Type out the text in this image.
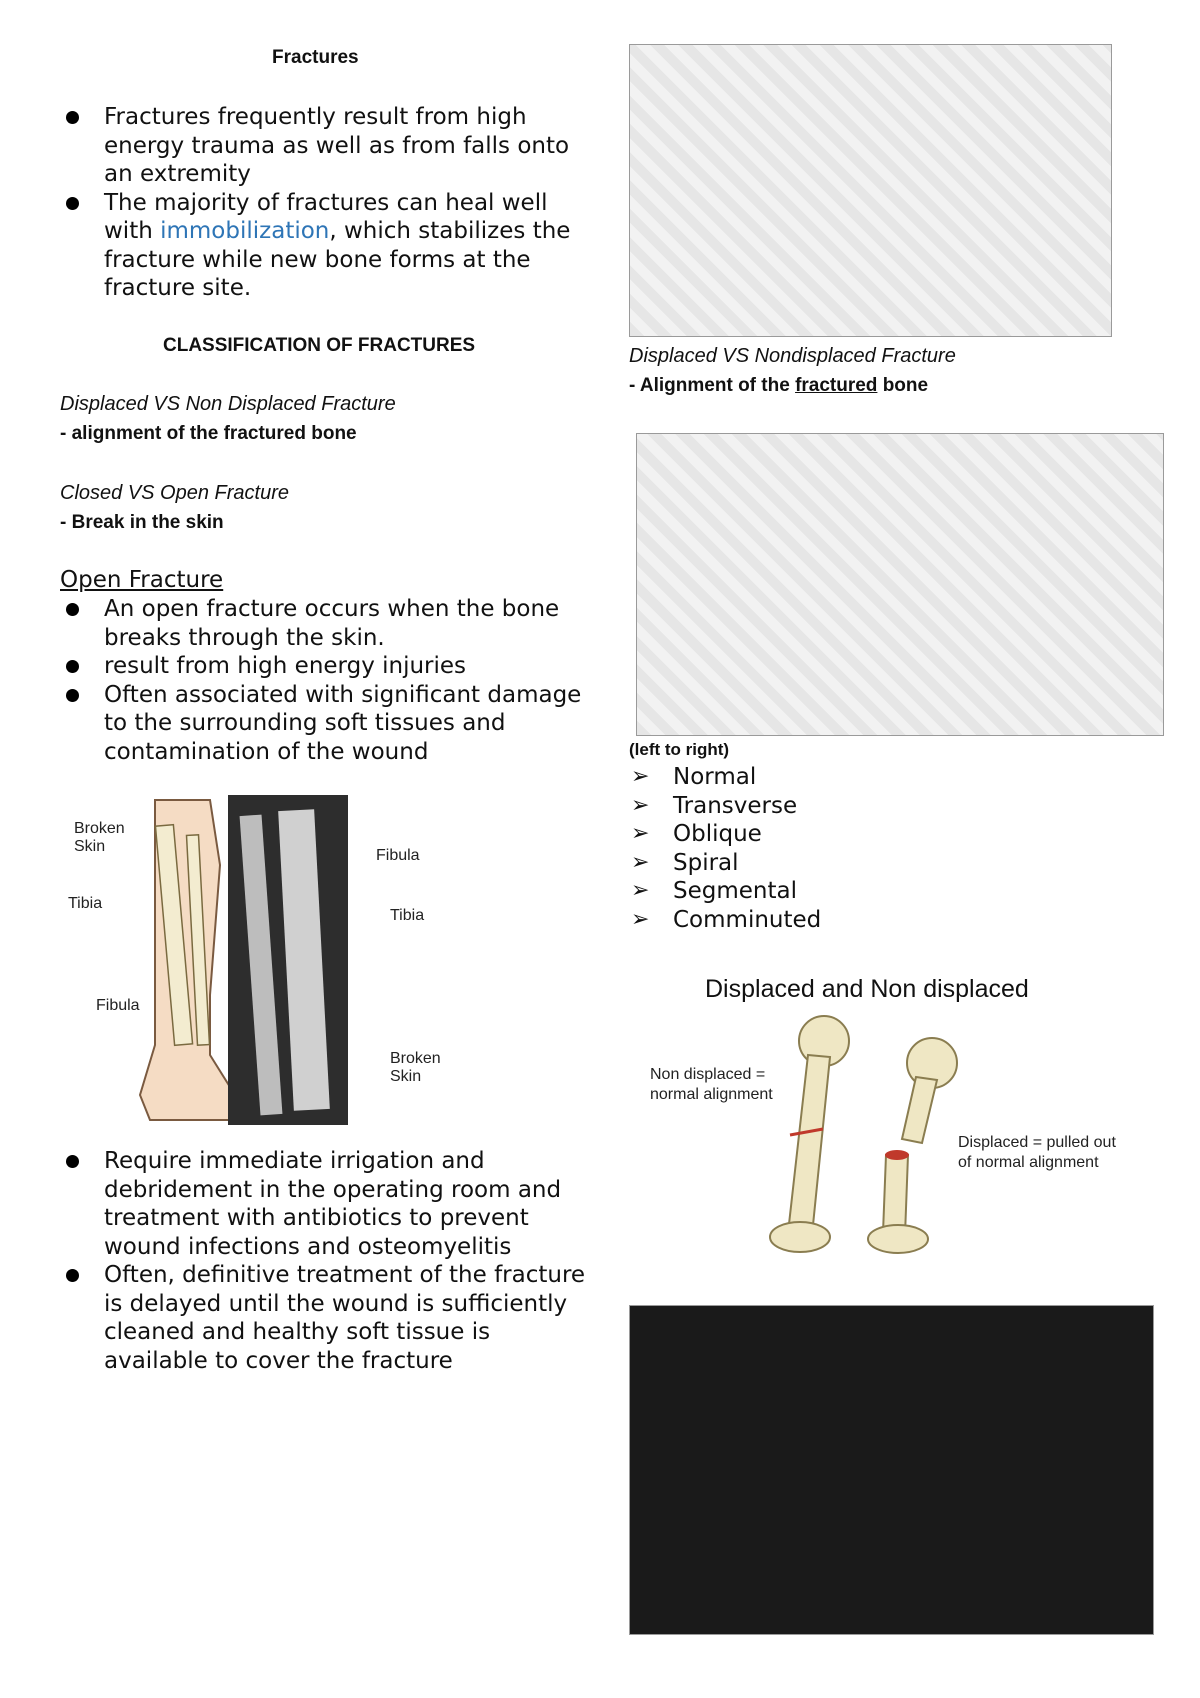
Fractures
Fractures frequently result from high energy trauma as well as from falls onto an extremity
The majority of fractures can heal well with immobilization, which stabilizes the fracture while new bone forms at the fracture site.
CLASSIFICATION OF FRACTURES
Displaced VS Non Displaced Fracture
- alignment of the fractured bone
Closed VS Open Fracture
- Break in the skin
Open Fracture
An open fracture occurs when the bone breaks through the skin.
result from high energy injuries
Often associated with significant damage to the surrounding soft tissues and contamination of the wound
Broken
Skin
Tibia
Fibula
Fibula
Tibia
Broken
Skin
Require immediate irrigation and debridement in the operating room and treatment with antibiotics to prevent wound infections and osteomyelitis
Often, definitive treatment of the fracture is delayed until the wound is sufficiently cleaned and healthy soft tissue is available to cover the fracture
Displaced VS Nondisplaced Fracture
- Alignment of the fractured bone
(left to right)
➢ Normal
➢ Transverse
➢ Oblique
➢ Spiral
➢ Segmental
➢ Comminuted
Displaced and Non displaced
Non displaced =
normal alignment
Displaced = pulled out
of normal alignment
